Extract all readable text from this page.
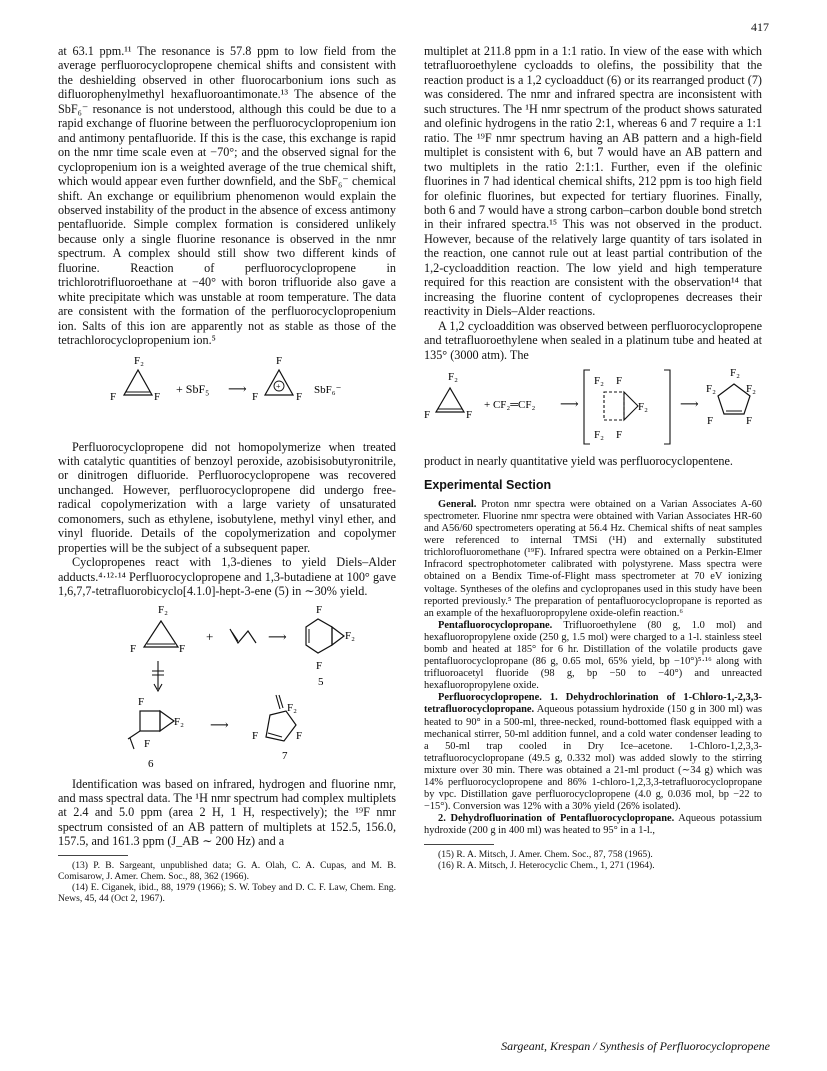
417

at 63.1 ppm.¹¹ The resonance is 57.8 ppm to low field from the average perfluorocyclopropene chemical shifts and consistent with the deshielding observed in other fluorocarbonium ions such as difluorophenylmethyl hexafluoroantimonate.¹³ The absence of the SbF₆⁻ resonance is not understood, although this could be due to a rapid exchange of fluorine between the perfluorocyclopropenium ion and antimony pentafluoride. If this is the case, this exchange is rapid on the nmr time scale even at −70°; and the observed signal for the cyclopropenium ion is a weighted average of the true chemical shift, which would appear even further downfield, and the SbF₆⁻ chemical shift. An exchange or equilibrium phenomenon would explain the observed instability of the product in the absence of excess antimony pentafluoride. Simple complex formation is considered unlikely because only a single fluorine resonance is observed in the nmr spectrum. A complex should still show two different kinds of fluorine. Reaction of perfluorocyclopropene in trichlorotrifluoroethane at −40° with boron trifluoride also gave a white precipitate which was unstable at room temperature. The data are consistent with the formation of the perfluorocyclopropenium ion. Salts of this ion are apparently not as stable as those of the tetrachlorocyclopropenium ion.⁵

F₂
F	F
+ SbF₅ ⟶
F
+
F	F
SbF₆⁻

Perfluorocyclopropene did not homopolymerize when treated with catalytic quantities of benzoyl peroxide, azobisisobutyronitrile, or dinitrogen difluoride. Perfluorocyclopropene was recovered unchanged. However, perfluorocyclopropene did undergo free-radical copolymerization with a large variety of unsaturated comonomers, such as ethylene, isobutylene, methyl vinyl ether, and vinyl fluoride. Details of the copolymerization and copolymer properties will be the subject of a subsequent paper.

Cyclopropenes react with 1,3-dienes to yield Diels–Alder adducts.⁴·¹²·¹⁴ Perfluorocyclopropene and 1,3-butadiene at 100° gave 1,6,7,7-tetrafluorobicyclo[4.1.0]-hept-3-ene (5) in ∼30% yield.

F₂
F	F
+	⟶
F
F₂
F
5
F
F₂
F
6
⟶
F₂
F	F
7

Identification was based on infrared, hydrogen and fluorine nmr, and mass spectral data. The ¹H nmr spectrum had complex multiplets at 2.4 and 5.0 ppm (area 2 H, 1 H, respectively); the ¹⁹F nmr spectrum consisted of an AB pattern of multiplets at 152.5, 156.0, 157.5, and 161.3 ppm (J_AB ∼ 200 Hz) and a

(13) P. B. Sargeant, unpublished data; G. A. Olah, C. A. Cupas, and M. B. Comisarow, J. Amer. Chem. Soc., 88, 362 (1966).

(14) E. Ciganek, ibid., 88, 1979 (1966); S. W. Tobey and D. C. F. Law, Chem. Eng. News, 45, 44 (Oct 2, 1967).

multiplet at 211.8 ppm in a 1:1 ratio. In view of the ease with which tetrafluoroethylene cycloadds to olefins, the possibility that the reaction product is a 1,2 cycloadduct (6) or its rearranged product (7) was considered. The nmr and infrared spectra are inconsistent with such structures. The ¹H nmr spectrum of the product shows saturated and olefinic hydrogens in the ratio 2:1, whereas 6 and 7 require a 1:1 ratio. The ¹⁹F nmr spectrum having an AB pattern and a high-field multiplet is consistent with 6, but 7 would have an AB pattern and two multiplets in the ratio 2:1:1. Further, even if the olefinic fluorines in 7 had identical chemical shifts, 212 ppm is too high field for olefinic fluorines, but expected for tertiary fluorines. Finally, both 6 and 7 would have a strong carbon–carbon double bond stretch in their infrared spectra.¹⁵ This was not observed in the product. However, because of the relatively large quantity of tars isolated in the reaction, one cannot rule out at least partial contribution of the 1,2-cycloaddition reaction. The low yield and high temperature required for this reaction are consistent with the observation¹⁴ that increasing the fluorine content of cyclopropenes decreases their reactivity in Diels–Alder reactions.

A 1,2 cycloaddition was observed between perfluorocyclopropene and tetrafluoroethylene when sealed in a platinum tube and heated at 135° (3000 atm). The

F₂
F	F
+ CF₂═CF₂ ⟶
F₂ F
F₂
F₂ F
⟶
F₂
F₂	F₂
F	F

product in nearly quantitative yield was perfluorocyclopentene.

Experimental Section

General. Proton nmr spectra were obtained on a Varian Associates A-60 spectrometer. Fluorine nmr spectra were obtained with Varian Associates HR-60 and A56/60 spectrometers operating at 56.4 Hz. Chemical shifts of neat samples were referenced to internal TMSi (¹H) and externally substituted trichlorofluoromethane (¹⁹F). Infrared spectra were obtained on a Perkin-Elmer Infracord spectrophotometer calibrated with polystyrene. Mass spectra were obtained on a Bendix Time-of-Flight mass spectrometer at 70 eV ionizing voltage. Syntheses of the olefins and cyclopropanes used in this study have been reported previously.⁵ The preparation of pentafluorocyclopropane is reported as an example of the hexafluoropropylene oxide-olefin reaction.⁶

Pentafluorocyclopropane. Trifluoroethylene (80 g, 1.0 mol) and hexafluoropropylene oxide (250 g, 1.5 mol) were charged to a 1-l. stainless steel bomb and heated at 185° for 6 hr. Distillation of the volatile products gave pentafluorocyclopropane (86 g, 0.65 mol, 65% yield, bp −10°)⁵·¹⁶ along with trifluoroacetyl fluoride (98 g, bp −50 to −40°) and unreacted hexafluoropropylene oxide.

Perfluorocyclopropene. 1. Dehydrochlorination of 1-Chloro-1,-2,3,3-tetrafluorocyclopropane. Aqueous potassium hydroxide (150 g in 300 ml) was heated to 90° in a 500-ml, three-necked, round-bottomed flask equipped with a mechanical stirrer, 50-ml addition funnel, and a cold water condenser leading to a 50-ml trap cooled in Dry Ice–acetone. 1-Chloro-1,2,3,3-tetrafluorocyclopropane (49.5 g, 0.332 mol) was added slowly to the stirring mixture over 30 min. There was obtained a 21-ml product (∼34 g) which was 14% perfluorocyclopropene and 86% 1-chloro-1,2,3,3-tetrafluorocyclopropane by vpc. Distillation gave perfluorocyclopropene (4.0 g, 0.036 mol, bp −22 to −15°). Conversion was 12% with a 30% yield (26% isolated).

2. Dehydrofluorination of Pentafluorocyclopropane. Aqueous potassium hydroxide (200 g in 400 ml) was heated to 95° in a 1-l.,

(15) R. A. Mitsch, J. Amer. Chem. Soc., 87, 758 (1965).

(16) R. A. Mitsch, J. Heterocyclic Chem., 1, 271 (1964).

Sargeant, Krespan / Synthesis of Perfluorocyclopropene
